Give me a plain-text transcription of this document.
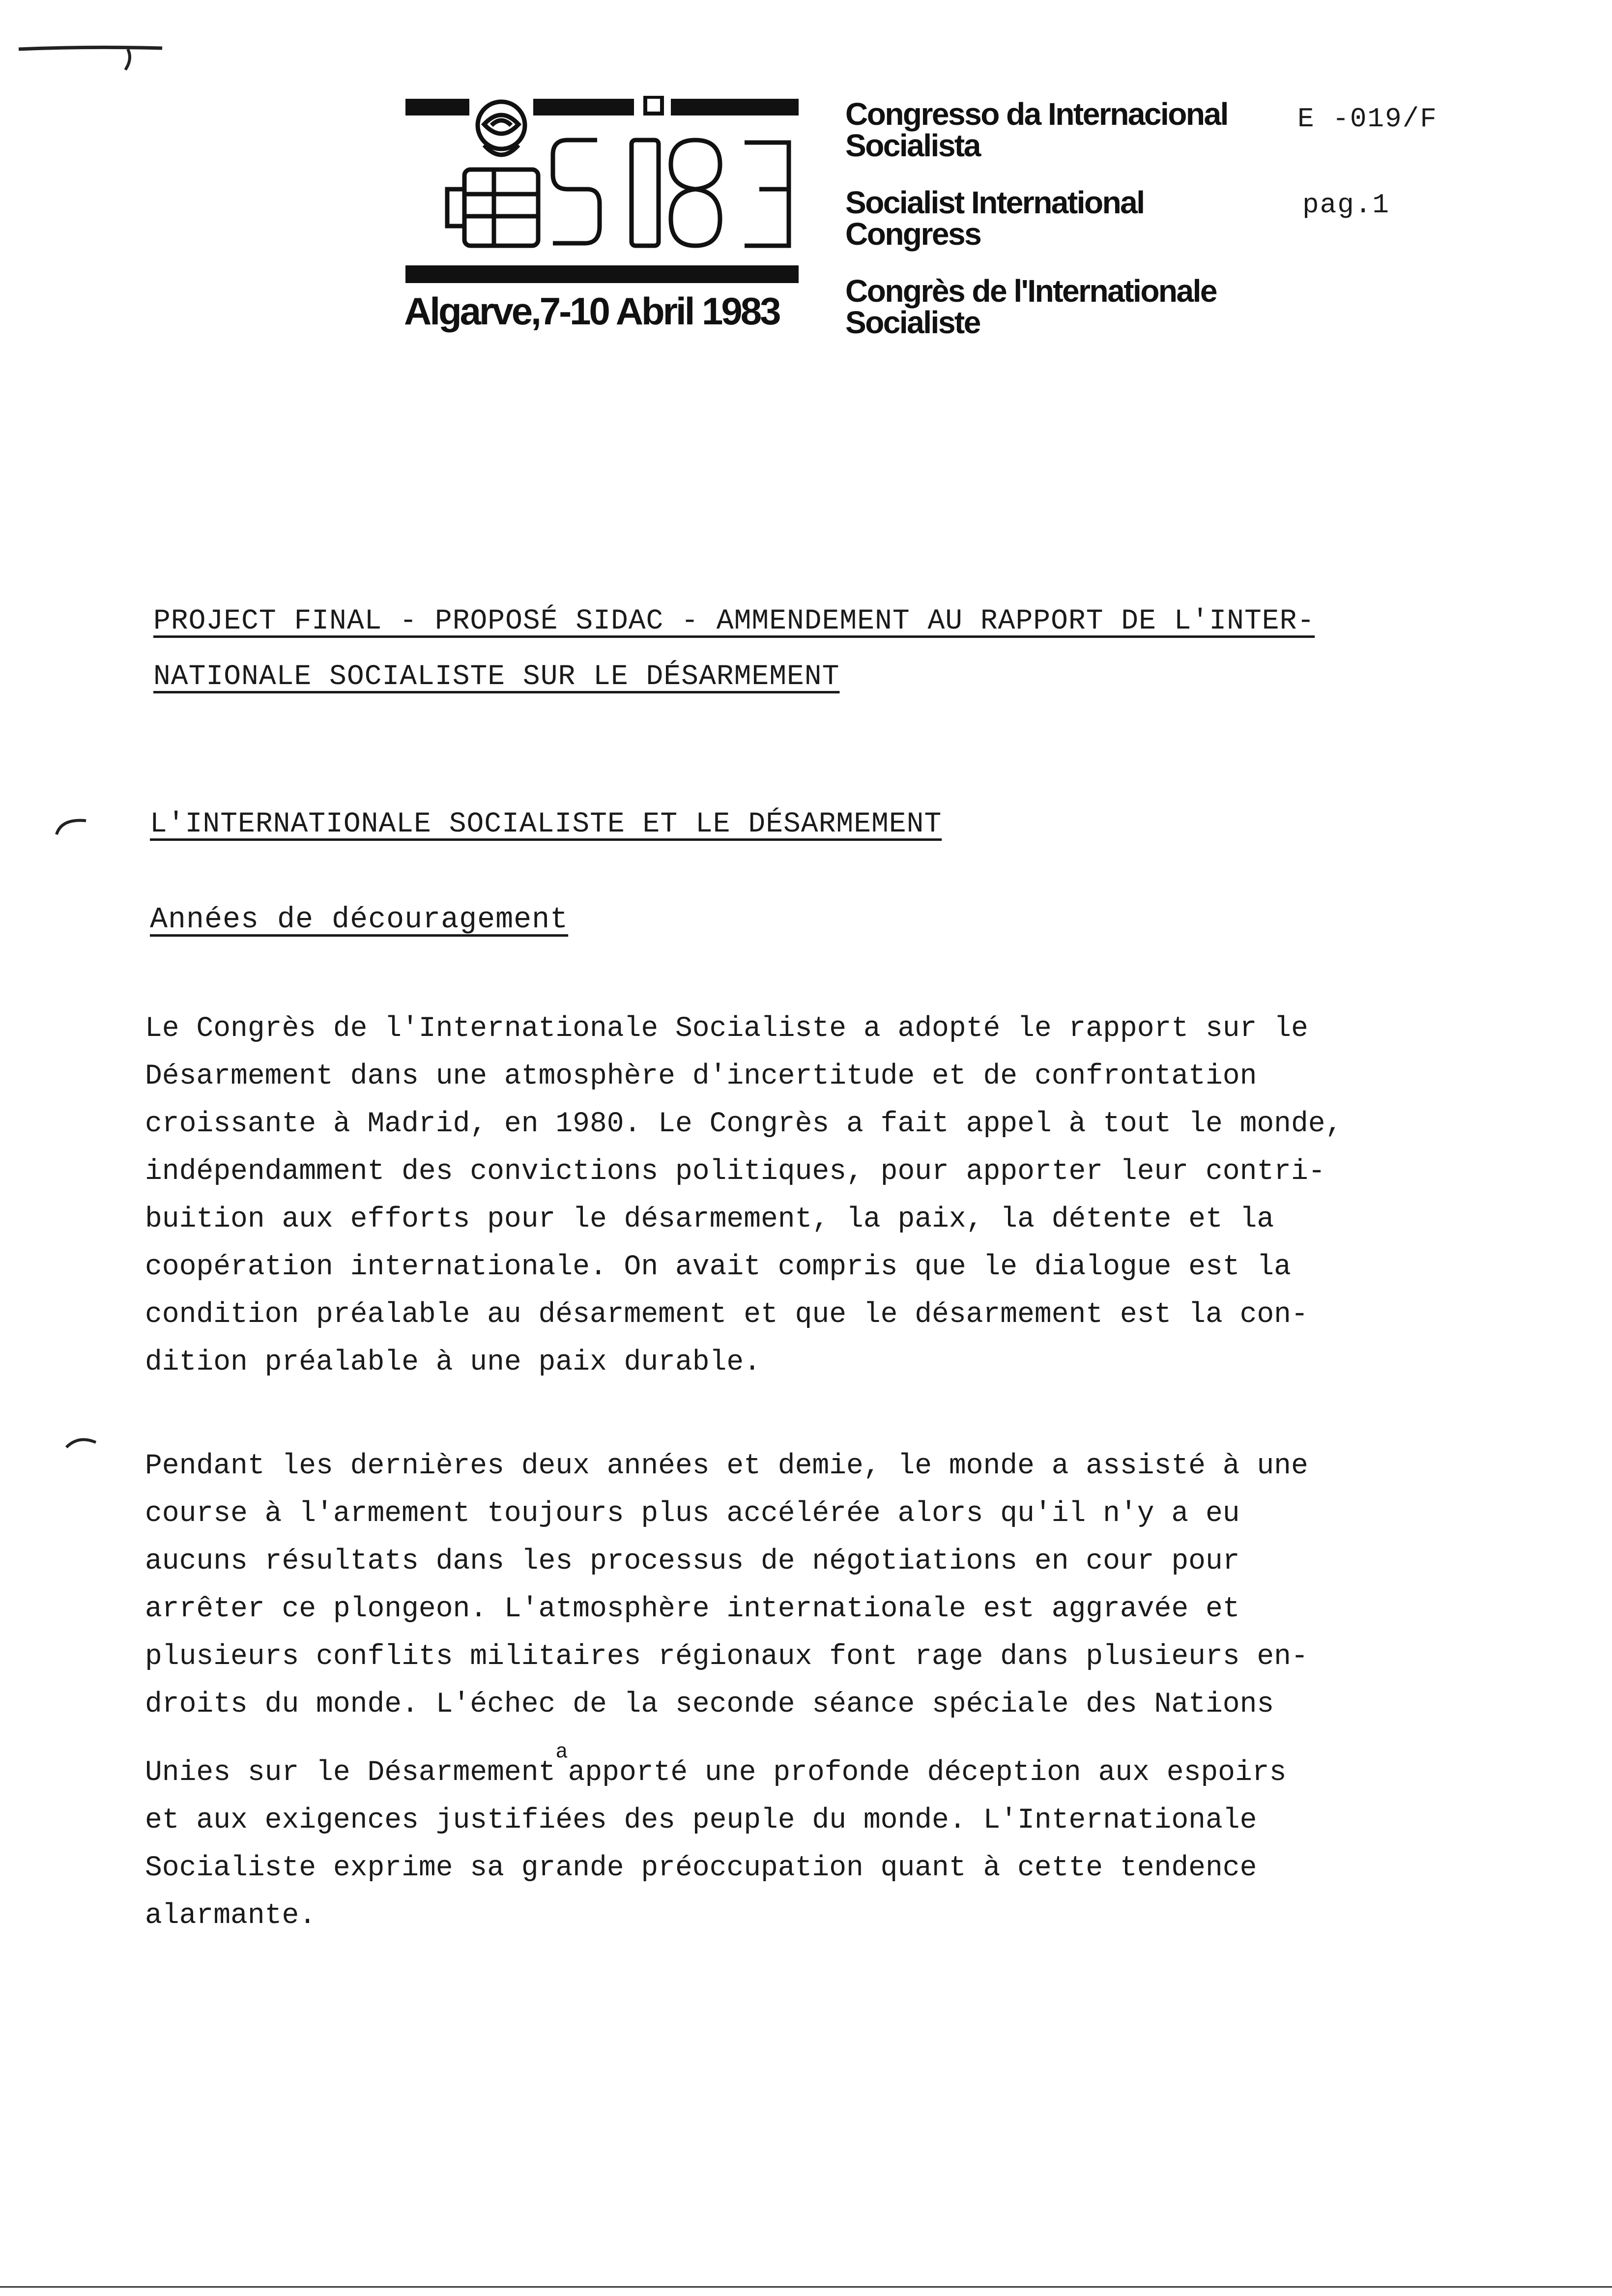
Algarve,7-10 Abril 1983
Congresso da Internacional
Socialista
Socialist International
Congress
Congrès de l'Internationale
Socialiste
E -019/F
pag.1
PROJECT FINAL - PROPOSÉ SIDAC - AMMENDEMENT AU RAPPORT DE L'INTER-
NATIONALE SOCIALISTE SUR LE DÉSARMEMENT
L'INTERNATIONALE SOCIALISTE ET LE DÉSARMEMENT
Années de découragement
Le Congrès de l'Internationale Socialiste a adopté le rapport sur le
Désarmement dans une atmosphère d'incertitude et de confrontation
croissante à Madrid, en 1980. Le Congrès a fait appel à tout le monde,
indépendamment des convictions politiques, pour apporter leur contri-
buition aux efforts pour le désarmement, la paix, la détente et la
coopération internationale. On avait compris que le dialogue est la
condition préalable au désarmement et que le désarmement est la con-
dition préalable à une paix durable.
Pendant les dernières deux années et demie, le monde a assisté à une
course à l'armement toujours plus accélérée alors qu'il n'y a eu
aucuns résultats dans les processus de négotiations en cour pour
arrêter ce plongeon. L'atmosphère internationale est aggravée et
plusieurs conflits militaires régionaux font rage dans plusieurs en-
droits du monde. L'échec de la seconde séance spéciale des Nations
Unies sur le Désarmement$^a$apporté une profonde déception aux espoirs
et aux exigences justifiées des peuple du monde. L'Internationale
Socialiste exprime sa grande préoccupation quant à cette tendence
alarmante.
